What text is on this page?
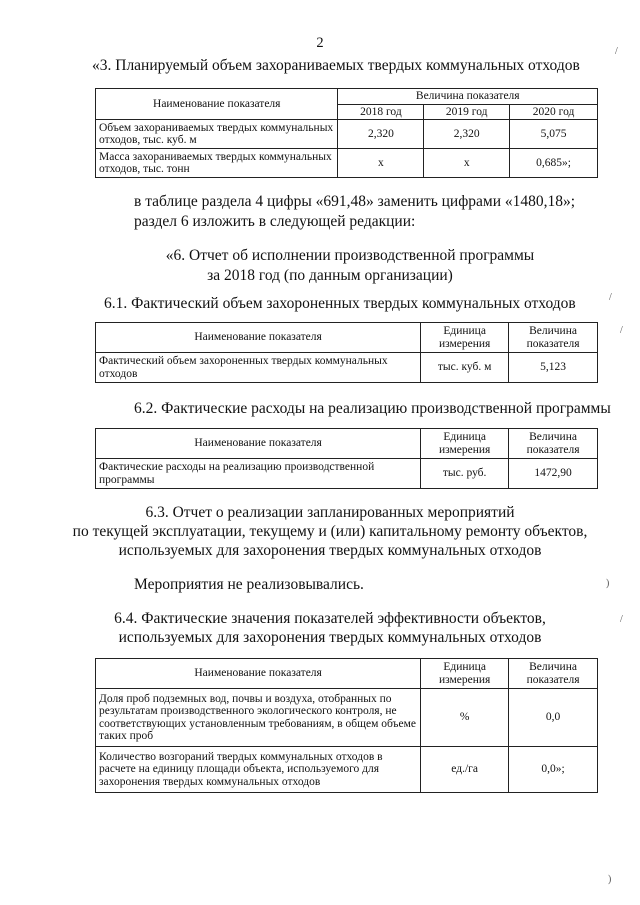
2
«3. Планируемый объем захораниваемых твердых коммунальных отходов
Наименование показателя	Величина показателя		
	2018 год	2019 год	2020 год
Объем захораниваемых твердых коммунальных отходов, тыс. куб. м	2,320	2,320	5,075
Масса захораниваемых твердых коммунальных отходов, тыс. тонн	x	x	0,685»;
в таблице раздела 4 цифры «691,48» заменить цифрами «1480,18»;
раздел 6 изложить в следующей редакции:
«6. Отчет об исполнении производственной программы
за 2018 год (по данным организации)
6.1. Фактический объем захороненных твердых коммунальных отходов
Наименование показателя	Единица измерения	Величина показателя
Фактический объем захороненных твердых коммунальных отходов	тыс. куб. м	5,123
6.2. Фактические расходы на реализацию производственной программы
Наименование показателя	Единица измерения	Величина показателя
Фактические расходы на реализацию производственной программы	тыс. руб.	1472,90
6.3. Отчет о реализации запланированных мероприятий
по текущей эксплуатации, текущему и (или) капитальному ремонту объектов,
используемых для захоронения твердых коммунальных отходов
Мероприятия не реализовывались.
6.4. Фактические значения показателей эффективности объектов,
используемых для захоронения твердых коммунальных отходов
Наименование показателя	Единица измерения	Величина показателя
Доля проб подземных вод, почвы и воздуха, отобранных по результатам производственного экологического контроля, не соответствующих установленным требованиям, в общем объеме таких проб	%	0,0
Количество возгораний твердых коммунальных отходов в расчете на единицу площади объекта, используемого для захоронения твердых коммунальных отходов	ед./га	0,0»;
/
/
/
)
/
)
